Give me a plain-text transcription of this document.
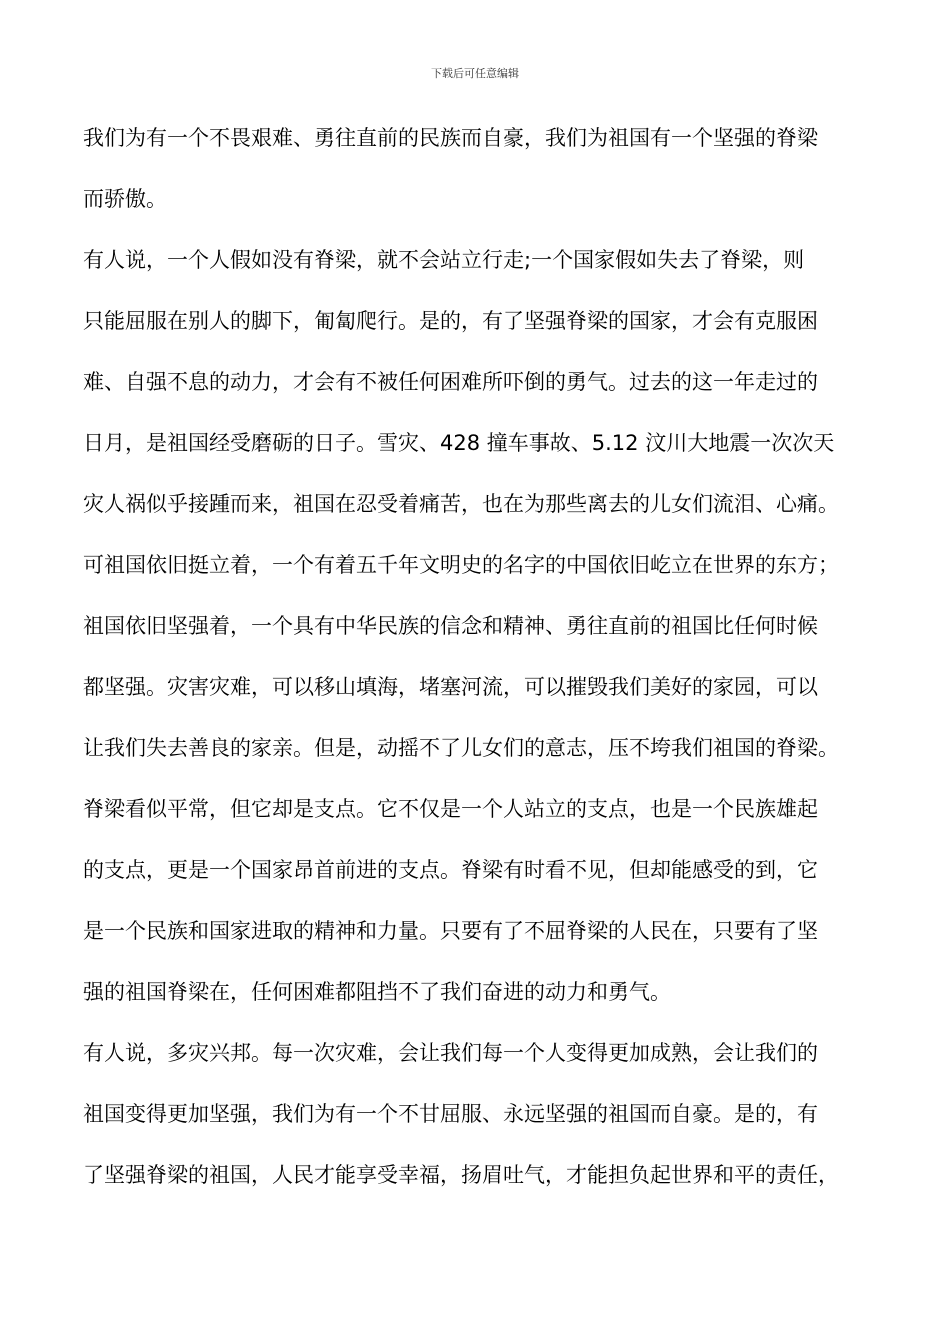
下载后可任意编辑
我们为有一个不畏艰难、勇往直前的民族而自豪，我们为祖国有一个坚强的脊梁
而骄傲。
有人说，一个人假如没有脊梁，就不会站立行走;一个国家假如失去了脊梁，则
只能屈服在别人的脚下，匍匐爬行。是的，有了坚强脊梁的国家，才会有克服困
难、自强不息的动力，才会有不被任何困难所吓倒的勇气。过去的这一年走过的
日月，是祖国经受磨砺的日子。雪灾、428 撞车事故、5.12 汶川大地震一次次天
灾人祸似乎接踵而来，祖国在忍受着痛苦，也在为那些离去的儿女们流泪、心痛。
可祖国依旧挺立着，一个有着五千年文明史的名字的中国依旧屹立在世界的东方；
祖国依旧坚强着，一个具有中华民族的信念和精神、勇往直前的祖国比任何时候
都坚强。灾害灾难，可以移山填海，堵塞河流，可以摧毁我们美好的家园，可以
让我们失去善良的家亲。但是，动摇不了儿女们的意志，压不垮我们祖国的脊梁。
脊梁看似平常，但它却是支点。它不仅是一个人站立的支点，也是一个民族雄起
的支点，更是一个国家昂首前进的支点。脊梁有时看不见，但却能感受的到，它
是一个民族和国家进取的精神和力量。只要有了不屈脊梁的人民在，只要有了坚
强的祖国脊梁在，任何困难都阻挡不了我们奋进的动力和勇气。
有人说，多灾兴邦。每一次灾难，会让我们每一个人变得更加成熟，会让我们的
祖国变得更加坚强，我们为有一个不甘屈服、永远坚强的祖国而自豪。是的，有
了坚强脊梁的祖国，人民才能享受幸福，扬眉吐气，才能担负起世界和平的责任，
